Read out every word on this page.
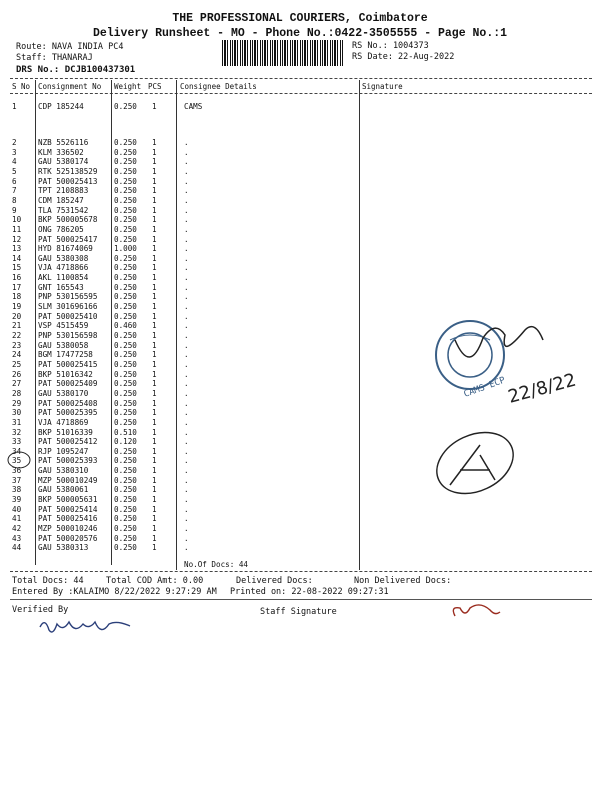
THE PROFESSIONAL COURIERS, Coimbatore
Delivery Runsheet - MO - Phone No.:0422-3505555 - Page No.:1
Route: NAVA INDIA PC4
Staff: THANARAJ
DRS No.: DCJB100437301
RS No.: 1004373
RS Date: 22-Aug-2022
S No Consignment No Weight PCS Consignee Details	Signature
1	CDP 185244	0.250 1	CAMS
2	NZB 5526116	0.250 1	.
3	KLM 336502	0.250 1	.
4	GAU 5380174	0.250 1	.
5	RTK 525138529 0.250 1	.
6	PAT 500025413 0.250 1	.
7	TPT 2108883	0.250 1	.
8	CDM 185247	0.250 1	.
9	TLA 7531542	0.250 1	.
10 BKP 500005678 0.250 1	.
11 ONG 786205	0.250 1	.
12 PAT 500025417 0.250 1	.
13 HYD 81674069	1.000 1	.
14 GAU 5380308	0.250 1	.
15 VJA 4718866	0.250 1	.
16 AKL 1100854	0.250 1	.
17 GNT 165543	0.250 1	.
18 PNP 530156595 0.250 1	.
19 SLM 301696166 0.250 1	.
20 PAT 500025410 0.250 1	.
21 VSP 4515459	0.460 1	.
22 PNP 530156598 0.250 1	.
23 GAU 5380058	0.250 1	.
24 BGM 17477258	0.250 1	.
25 PAT 500025415 0.250 1	.
26 BKP 51016342	0.250 1	.
27 PAT 500025409 0.250 1	.
28 GAU 5380170	0.250 1	.
29 PAT 500025408 0.250 1	.
30 PAT 500025395 0.250 1	.
31 VJA 4718869	0.250 1	.
32 BKP 51016339	0.510 1	.
33 PAT 500025412 0.120 1	.
34 RJP 1095247	0.250 1	.
35 PAT 500025393 0.250 1	.
36 GAU 5380310	0.250 1	.
37 MZP 500010249 0.250 1	.
38 GAU 5380061	0.250 1	.
39 BKP 500005631 0.250 1	.
40 PAT 500025414 0.250 1	.
41 PAT 500025416 0.250 1	.
42 MZP 500010246 0.250 1	.
43 PAT 500020576 0.250 1	.
44 GAU 5380313	0.250 1	.
No.Of Docs: 44
CAMS ECP 22/8/22
Total Docs: 44	Total COD Amt: 0.00	Delivered Docs:	Non Delivered Docs:
Entered By :KALAIMO 8/22/2022 9:27:29 AM Printed on: 22-08-2022 09:27:31
Verified By	Staff Signature
